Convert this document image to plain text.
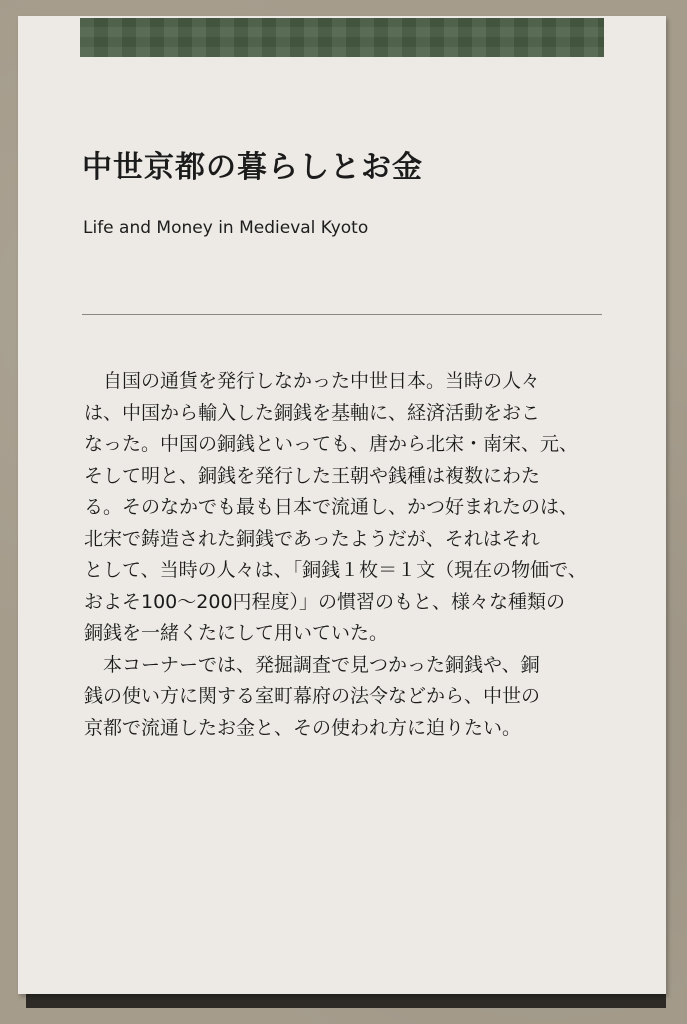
中世京都の暮らしとお金

Life and Money in Medieval Kyoto

自国の通貨を発行しなかった中世日本。当時の人々
は、中国から輸入した銅銭を基軸に、経済活動をおこ
なった。中国の銅銭といっても、唐から北宋・南宋、元、
そして明と、銅銭を発行した王朝や銭種は複数にわた
る。そのなかでも最も日本で流通し、かつ好まれたのは、
北宋で鋳造された銅銭であったようだが、それはそれ
として、当時の人々は、「銅銭１枚＝１文（現在の物価で、
およそ100〜200円程度）」の慣習のもと、様々な種類の
銅銭を一緒くたにして用いていた。
本コーナーでは、発掘調査で見つかった銅銭や、銅
銭の使い方に関する室町幕府の法令などから、中世の
京都で流通したお金と、その使われ方に迫りたい。
